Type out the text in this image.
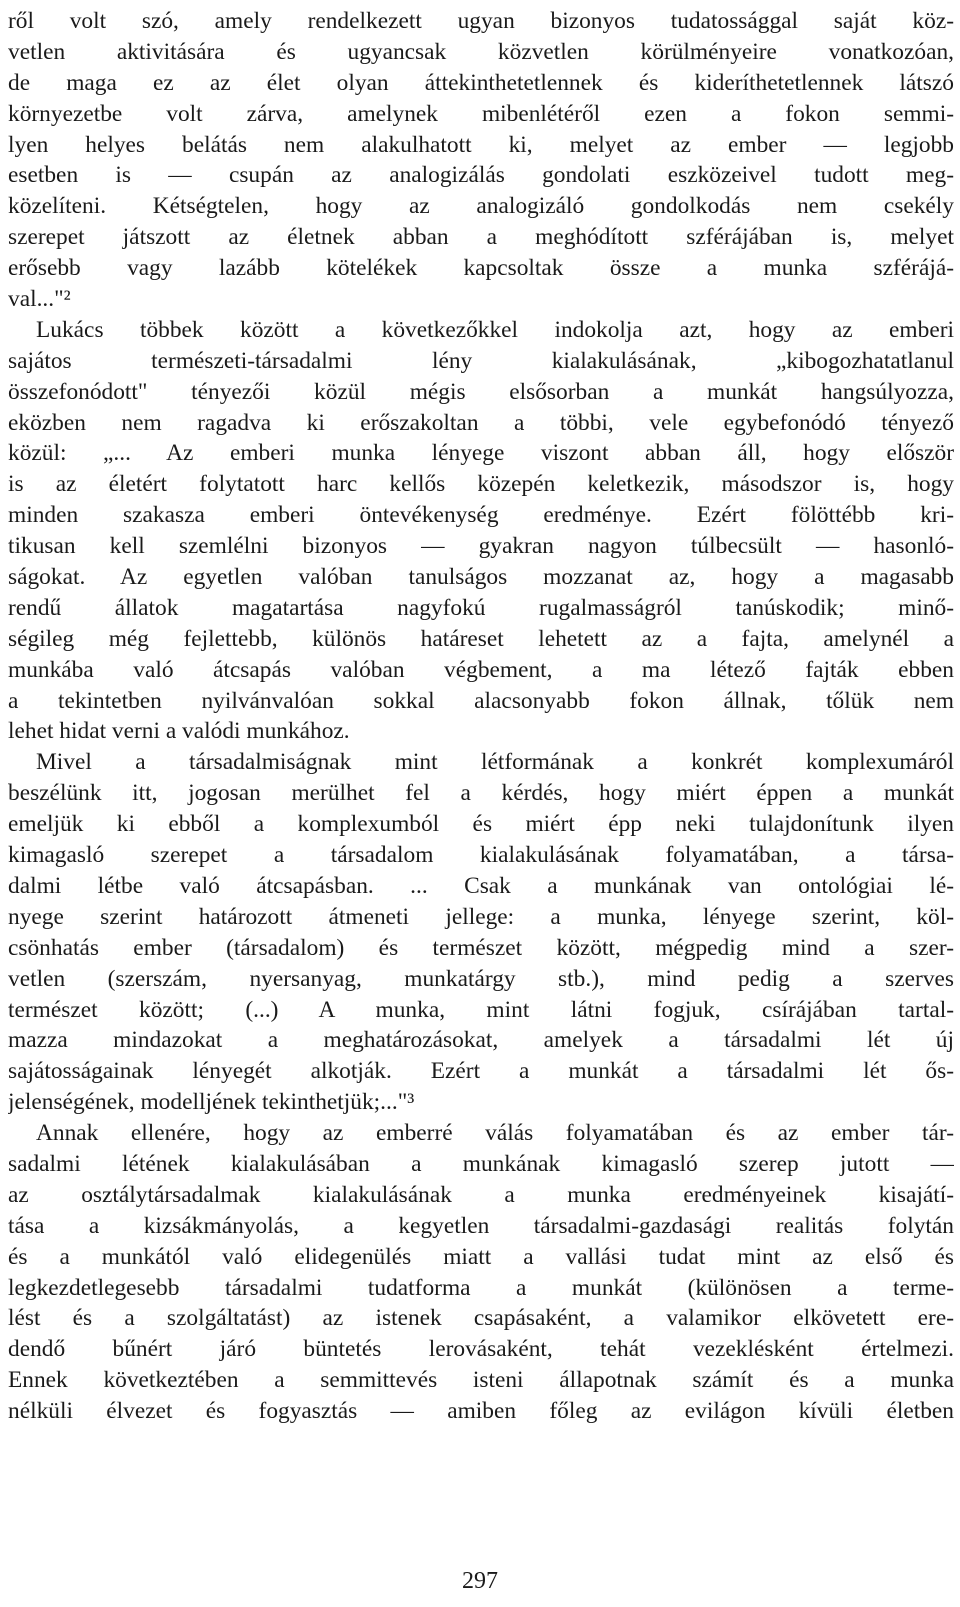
ről volt szó, amely rendelkezett ugyan bizonyos tudatossággal saját köz-
vetlen aktivitására és ugyancsak közvetlen körülményeire vonatkozóan,
de maga ez az élet olyan áttekinthetetlennek és kideríthetetlennek látszó
környezetbe volt zárva, amelynek mibenlétéről ezen a fokon semmi-
lyen helyes belátás nem alakulhatott ki, melyet az ember — legjobb
esetben is — csupán az analogizálás gondolati eszközeivel tudott meg-
közelíteni. Kétségtelen, hogy az analogizáló gondolkodás nem csekély
szerepet játszott az életnek abban a meghódított szférájában is, melyet
erősebb vagy lazább kötelékek kapcsoltak össze a munka szférájá-
val..."²
Lukács többek között a következőkkel indokolja azt, hogy az emberi
sajátos természeti-társadalmi lény kialakulásának, „kibogozhatatlanul
összefonódott" tényezői közül mégis elsősorban a munkát hangsúlyozza,
eközben nem ragadva ki erőszakoltan a többi, vele egybefonódó tényező
közül: „... Az emberi munka lényege viszont abban áll, hogy először
is az életért folytatott harc kellős közepén keletkezik, másodszor is, hogy
minden szakasza emberi öntevékenység eredménye. Ezért fölöttébb kri-
tikusan kell szemlélni bizonyos — gyakran nagyon túlbecsült — hasonló-
ságokat. Az egyetlen valóban tanulságos mozzanat az, hogy a magasabb
rendű állatok magatartása nagyfokú rugalmasságról tanúskodik; minő-
ségileg még fejlettebb, különös határeset lehetett az a fajta, amelynél a
munkába való átcsapás valóban végbement, a ma létező fajták ebben
a tekintetben nyilvánvalóan sokkal alacsonyabb fokon állnak, tőlük nem
lehet hidat verni a valódi munkához.
Mivel a társadalmiságnak mint létformának a konkrét komplexumáról
beszélünk itt, jogosan merülhet fel a kérdés, hogy miért éppen a munkát
emeljük ki ebből a komplexumból és miért épp neki tulajdonítunk ilyen
kimagasló szerepet a társadalom kialakulásának folyamatában, a társa-
dalmi létbe való átcsapásban. ... Csak a munkának van ontológiai lé-
nyege szerint határozott átmeneti jellege: a munka, lényege szerint, köl-
csönhatás ember (társadalom) és természet között, mégpedig mind a szer-
vetlen (szerszám, nyersanyag, munkatárgy stb.), mind pedig a szerves
természet között; (...) A munka, mint látni fogjuk, csírájában tartal-
mazza mindazokat a meghatározásokat, amelyek a társadalmi lét új
sajátosságainak lényegét alkotják. Ezért a munkát a társadalmi lét ős-
jelenségének, modelljének tekinthetjük;..."³
Annak ellenére, hogy az emberré válás folyamatában és az ember tár-
sadalmi létének kialakulásában a munkának kimagasló szerep jutott —
az osztálytársadalmak kialakulásának a munka eredményeinek kisajátí-
tása a kizsákmányolás, a kegyetlen társadalmi-gazdasági realitás folytán
és a munkától való elidegenülés miatt a vallási tudat mint az első és
legkezdetlegesebb társadalmi tudatforma a munkát (különösen a terme-
lést és a szolgáltatást) az istenek csapásaként, a valamikor elkövetett ere-
dendő bűnért járó büntetés lerovásaként, tehát vezeklésként értelmezi.
Ennek következtében a semmittevés isteni állapotnak számít és a munka
nélküli élvezet és fogyasztás — amiben főleg az evilágon kívüli életben
297
